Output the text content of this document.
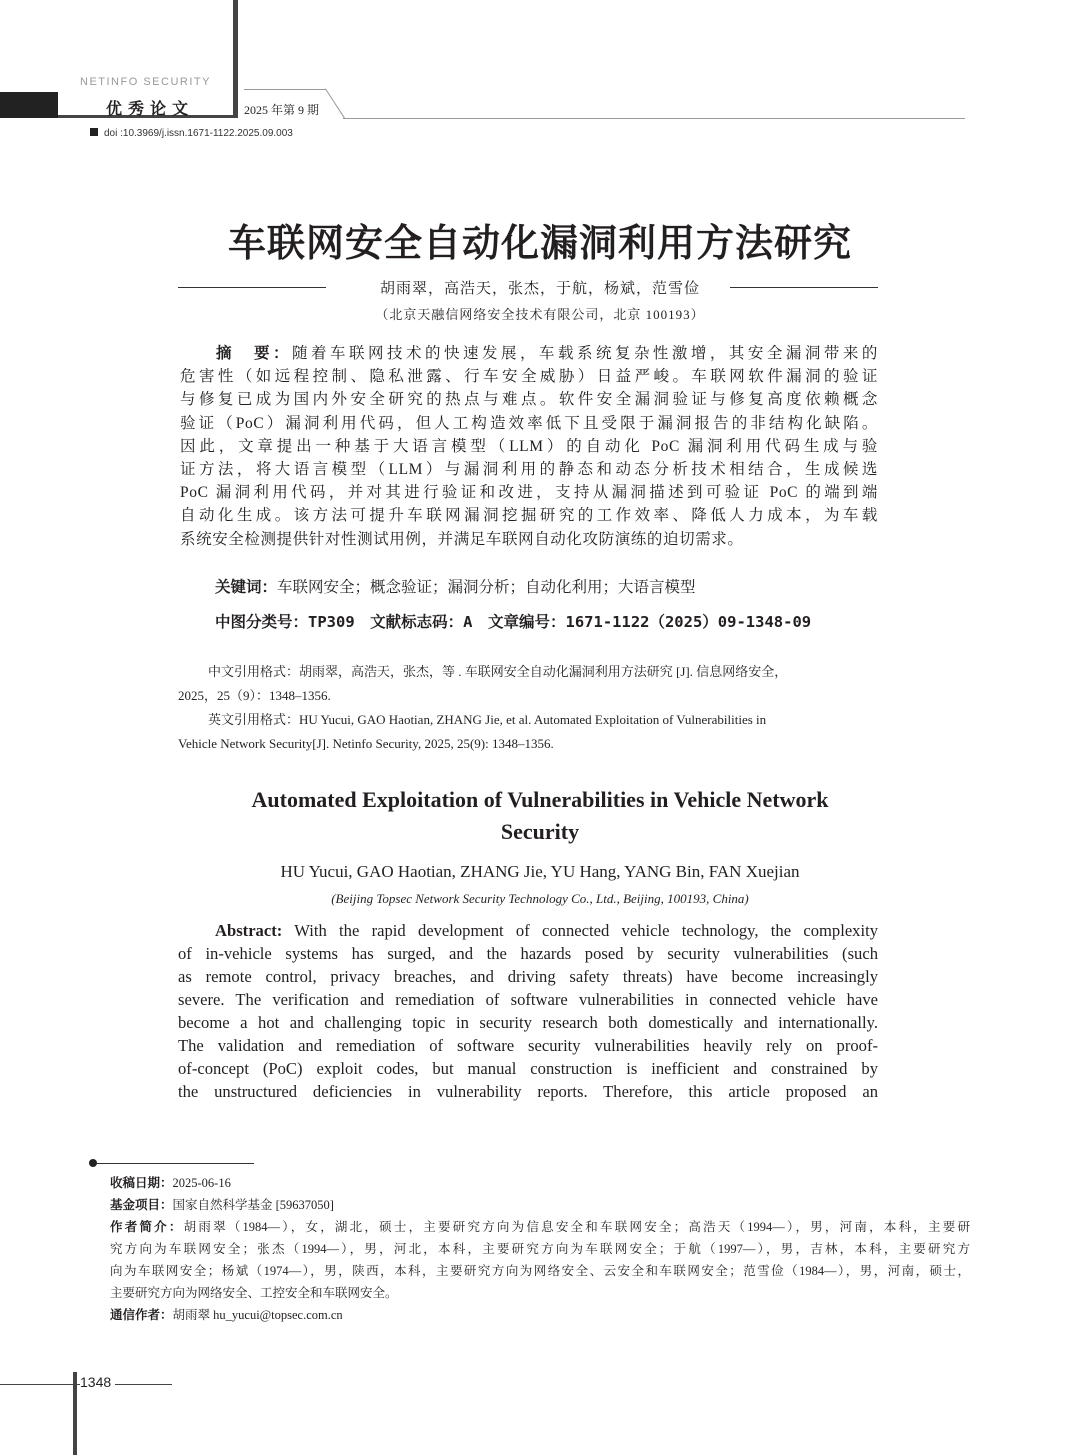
NETINFO SECURITY
优秀论文	2025 年第 9 期
doi :10.3969/j.issn.1671-1122.2025.09.003
车联网安全自动化漏洞利用方法研究
胡雨翠，高浩天，张杰，于航，杨斌，范雪俭
（北京天融信网络安全技术有限公司，北京 100193）
摘　要：随着车联网技术的快速发展，车载系统复杂性激增，其安全漏洞带来的
危害性（如远程控制、隐私泄露、行车安全威胁）日益严峻。车联网软件漏洞的验证
与修复已成为国内外安全研究的热点与难点。软件安全漏洞验证与修复高度依赖概念
验证（PoC）漏洞利用代码，但人工构造效率低下且受限于漏洞报告的非结构化缺陷。
因此，文章提出一种基于大语言模型（LLM）的自动化 PoC 漏洞利用代码生成与验
证方法，将大语言模型（LLM）与漏洞利用的静态和动态分析技术相结合，生成候选
PoC 漏洞利用代码，并对其进行验证和改进，支持从漏洞描述到可验证 PoC 的端到端
自动化生成。该方法可提升车联网漏洞挖掘研究的工作效率、降低人力成本，为车载
系统安全检测提供针对性测试用例，并满足车联网自动化攻防演练的迫切需求。
关键词：车联网安全；概念验证；漏洞分析；自动化利用；大语言模型
中图分类号：TP309　文献标志码：A　文章编号：1671-1122（2025）09-1348-09
中文引用格式：胡雨翠，高浩天，张杰，等 . 车联网安全自动化漏洞利用方法研究 [J]. 信息网络安全，
2025，25（9）：1348–1356.
英文引用格式：HU Yucui, GAO Haotian, ZHANG Jie, et al. Automated Exploitation of Vulnerabilities in
Vehicle Network Security[J]. Netinfo Security, 2025, 25(9): 1348–1356.
Automated Exploitation of Vulnerabilities in Vehicle Network
Security
HU Yucui, GAO Haotian, ZHANG Jie, YU Hang, YANG Bin, FAN Xuejian
(Beijing Topsec Network Security Technology Co., Ltd., Beijing, 100193, China)
Abstract: With the rapid development of connected vehicle technology, the complexity
of in-vehicle systems has surged, and the hazards posed by security vulnerabilities (such
as remote control, privacy breaches, and driving safety threats) have become increasingly
severe. The verification and remediation of software vulnerabilities in connected vehicle have
become a hot and challenging topic in security research both domestically and internationally.
The validation and remediation of software security vulnerabilities heavily rely on proof-
of-concept (PoC) exploit codes, but manual construction is inefficient and constrained by
the unstructured deficiencies in vulnerability reports. Therefore, this article proposed an
收稿日期：2025-06-16
基金项目：国家自然科学基金 [59637050]
作者简介：胡雨翠（1984—），女，湖北，硕士，主要研究方向为信息安全和车联网安全；高浩天（1994—），男，河南，本科，主要研
究方向为车联网安全；张杰（1994—），男，河北，本科，主要研究方向为车联网安全；于航（1997—），男，吉林，本科，主要研究方
向为车联网安全；杨斌（1974—），男，陕西，本科，主要研究方向为网络安全、云安全和车联网安全；范雪俭（1984—），男，河南，硕士，
主要研究方向为网络安全、工控安全和车联网安全。
通信作者：胡雨翠 hu_yucui@topsec.com.cn
1348
